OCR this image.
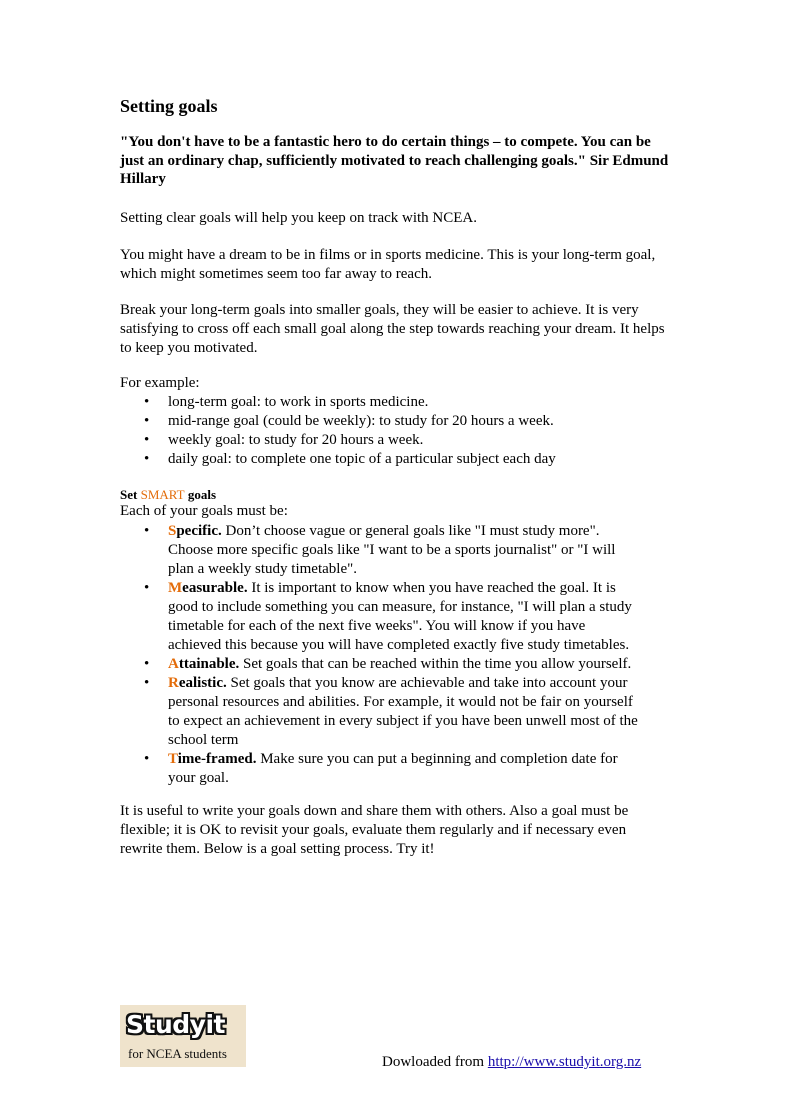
Setting goals

"You don't have to be a fantastic hero to do certain things – to compete. You can be just an ordinary chap, sufficiently motivated to reach challenging goals." Sir Edmund Hillary

Setting clear goals will help you keep on track with NCEA.

You might have a dream to be in films or in sports medicine. This is your long-term goal, which might sometimes seem too far away to reach.

Break your long-term goals into smaller goals, they will be easier to achieve. It is very satisfying to cross off each small goal along the step towards reaching your dream. It helps to keep you motivated.

For example:

• long-term goal: to work in sports medicine.
• mid-range goal (could be weekly): to study for 20 hours a week.
• weekly goal: to study for 20 hours a week.
• daily goal: to complete one topic of a particular subject each day
Set SMART goals
Each of your goals must be:
• Specific. Don’t choose vague or general goals like "I must study more". Choose more specific goals like "I want to be a sports journalist" or "I will plan a weekly study timetable".
• Measurable. It is important to know when you have reached the goal. It is good to include something you can measure, for instance, "I will plan a study timetable for each of the next five weeks". You will know if you have achieved this because you will have completed exactly five study timetables.
• Attainable. Set goals that can be reached within the time you allow yourself.
• Realistic. Set goals that you know are achievable and take into account your personal resources and abilities. For example, it would not be fair on yourself to expect an achievement in every subject if you have been unwell most of the school term
• Time-framed. Make sure you can put a beginning and completion date for your goal.

It is useful to write your goals down and share them with others. Also a goal must be flexible; it is OK to revisit your goals, evaluate them regularly and if necessary even rewrite them. Below is a goal setting process. Try it!

Studyit
for NCEA students
Dowloaded from http://www.studyit.org.nz
